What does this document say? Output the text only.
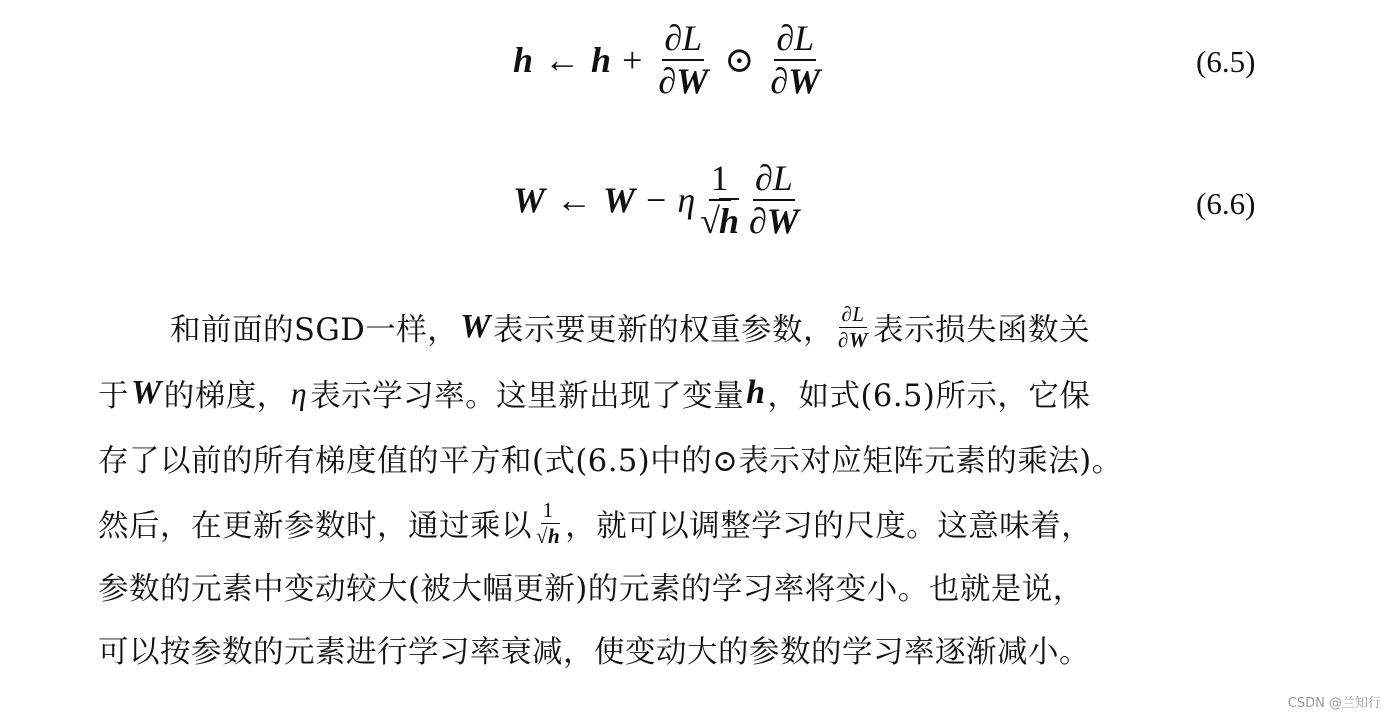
h ← $h + \frac{\partial L}{\partial W}$ ⊙ $\frac{\partial L}{\partial W}$	(6.5)
W ← W − η $\frac{1}{√h} \frac{\partial L}{\partial W}$	(6.6)
和前面的SGD一样， W 表示要更新的权重参数， $\frac{\partial L}{\partial W}$ 表示损失函数关
于 W 的梯度， η 表示学习率。这里新出现了变量 h ，如式(6.5)所示，它保
存了以前的所有梯度值的平方和(式(6.5)中的⊙表示对应矩阵元素的乘法)。
然后，在更新参数时，通过乘以 $\frac{1}{√h}$ ，就可以调整学习的尺度。这意味着，
参数的元素中变动较大(被大幅更新)的元素的学习率将变小。也就是说，
可以按参数的元素进行学习率衰减，使变动大的参数的学习率逐渐减小。
CSDN @兰知行
